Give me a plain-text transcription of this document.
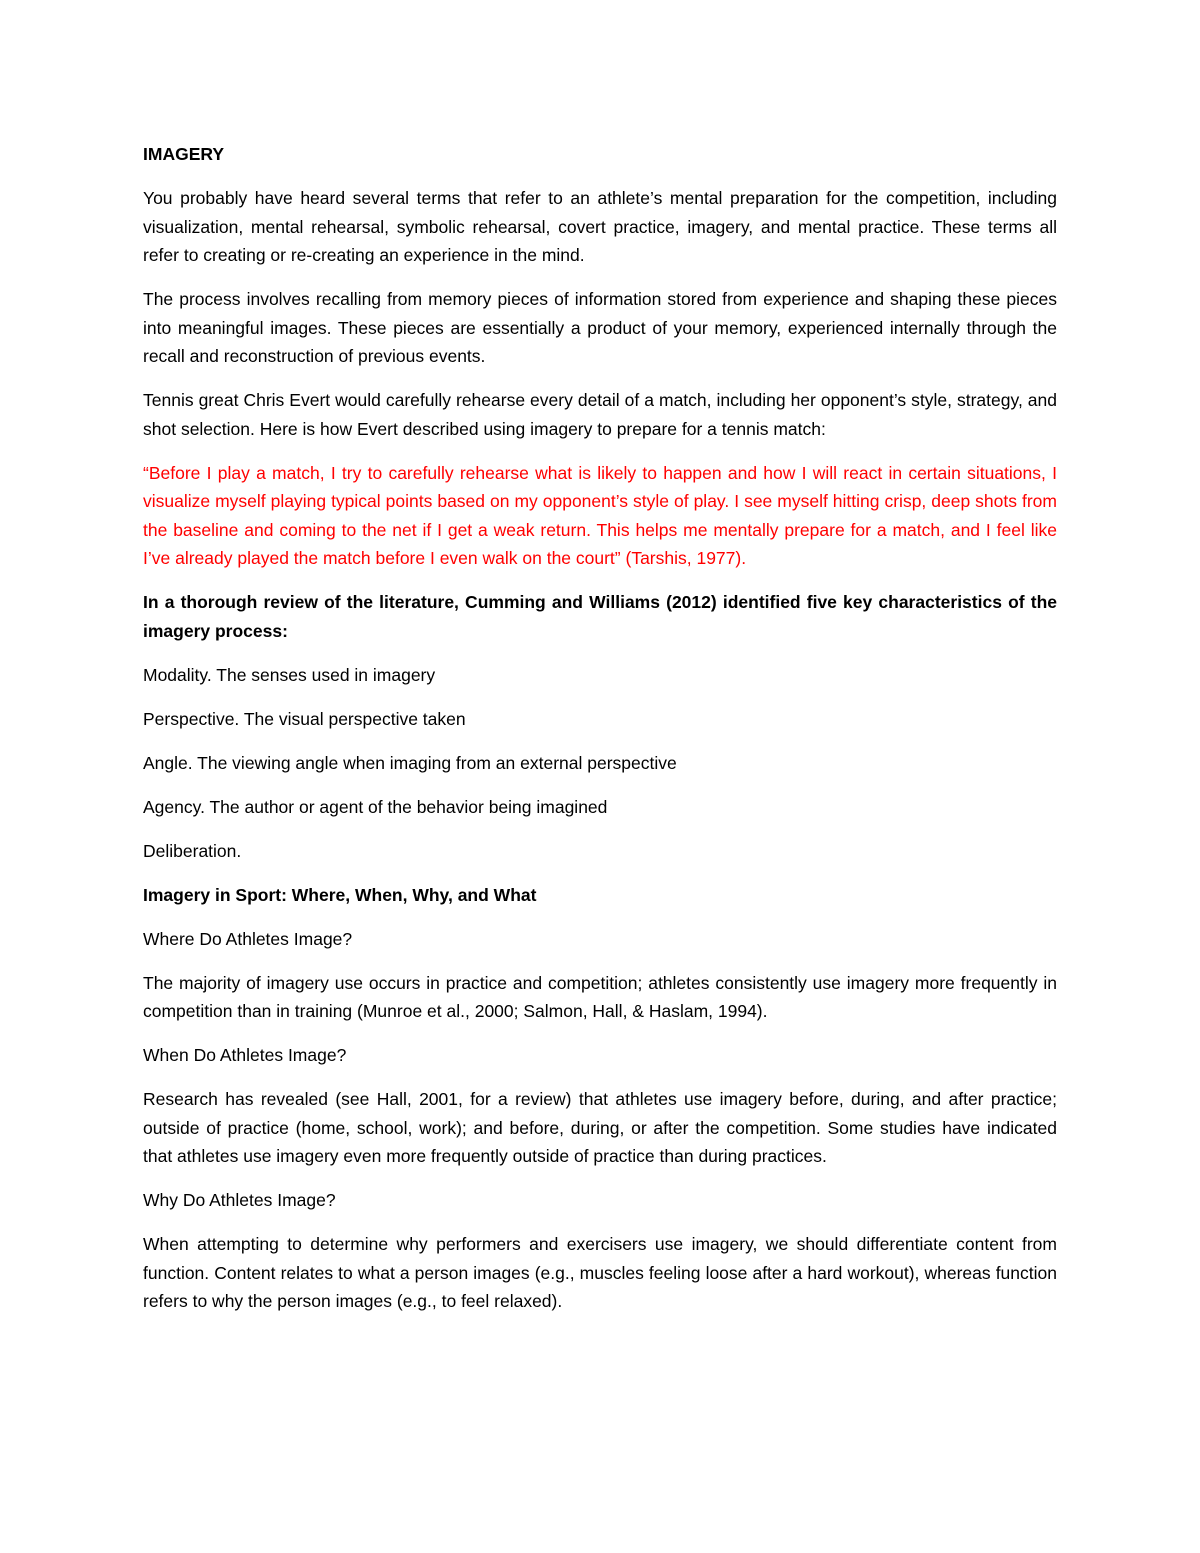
IMAGERY

You probably have heard several terms that refer to an athlete’s mental preparation for the competition, including visualization, mental rehearsal, symbolic rehearsal, covert practice, imagery, and mental practice. These terms all refer to creating or re-creating an experience in the mind.

The process involves recalling from memory pieces of information stored from experience and shaping these pieces into meaningful images. These pieces are essentially a product of your memory, experienced internally through the recall and reconstruction of previous events.

Tennis great Chris Evert would carefully rehearse every detail of a match, including her opponent’s style, strategy, and shot selection. Here is how Evert described using imagery to prepare for a tennis match:

“Before I play a match, I try to carefully rehearse what is likely to happen and how I will react in certain situations, I visualize myself playing typical points based on my opponent’s style of play. I see myself hitting crisp, deep shots from the baseline and coming to the net if I get a weak return. This helps me mentally prepare for a match, and I feel like I’ve already played the match before I even walk on the court” (Tarshis, 1977).

In a thorough review of the literature, Cumming and Williams (2012) identified five key characteristics of the imagery process:

Modality. The senses used in imagery

Perspective. The visual perspective taken

Angle. The viewing angle when imaging from an external perspective

Agency. The author or agent of the behavior being imagined

Deliberation.

Imagery in Sport: Where, When, Why, and What

Where Do Athletes Image?

The majority of imagery use occurs in practice and competition; athletes consistently use imagery more frequently in competition than in training (Munroe et al., 2000; Salmon, Hall, & Haslam, 1994).

When Do Athletes Image?

Research has revealed (see Hall, 2001, for a review) that athletes use imagery before, during, and after practice; outside of practice (home, school, work); and before, during, or after the competition. Some studies have indicated that athletes use imagery even more frequently outside of practice than during practices.

Why Do Athletes Image?

When attempting to determine why performers and exercisers use imagery, we should differentiate content from function. Content relates to what a person images (e.g., muscles feeling loose after a hard workout), whereas function refers to why the person images (e.g., to feel relaxed).
